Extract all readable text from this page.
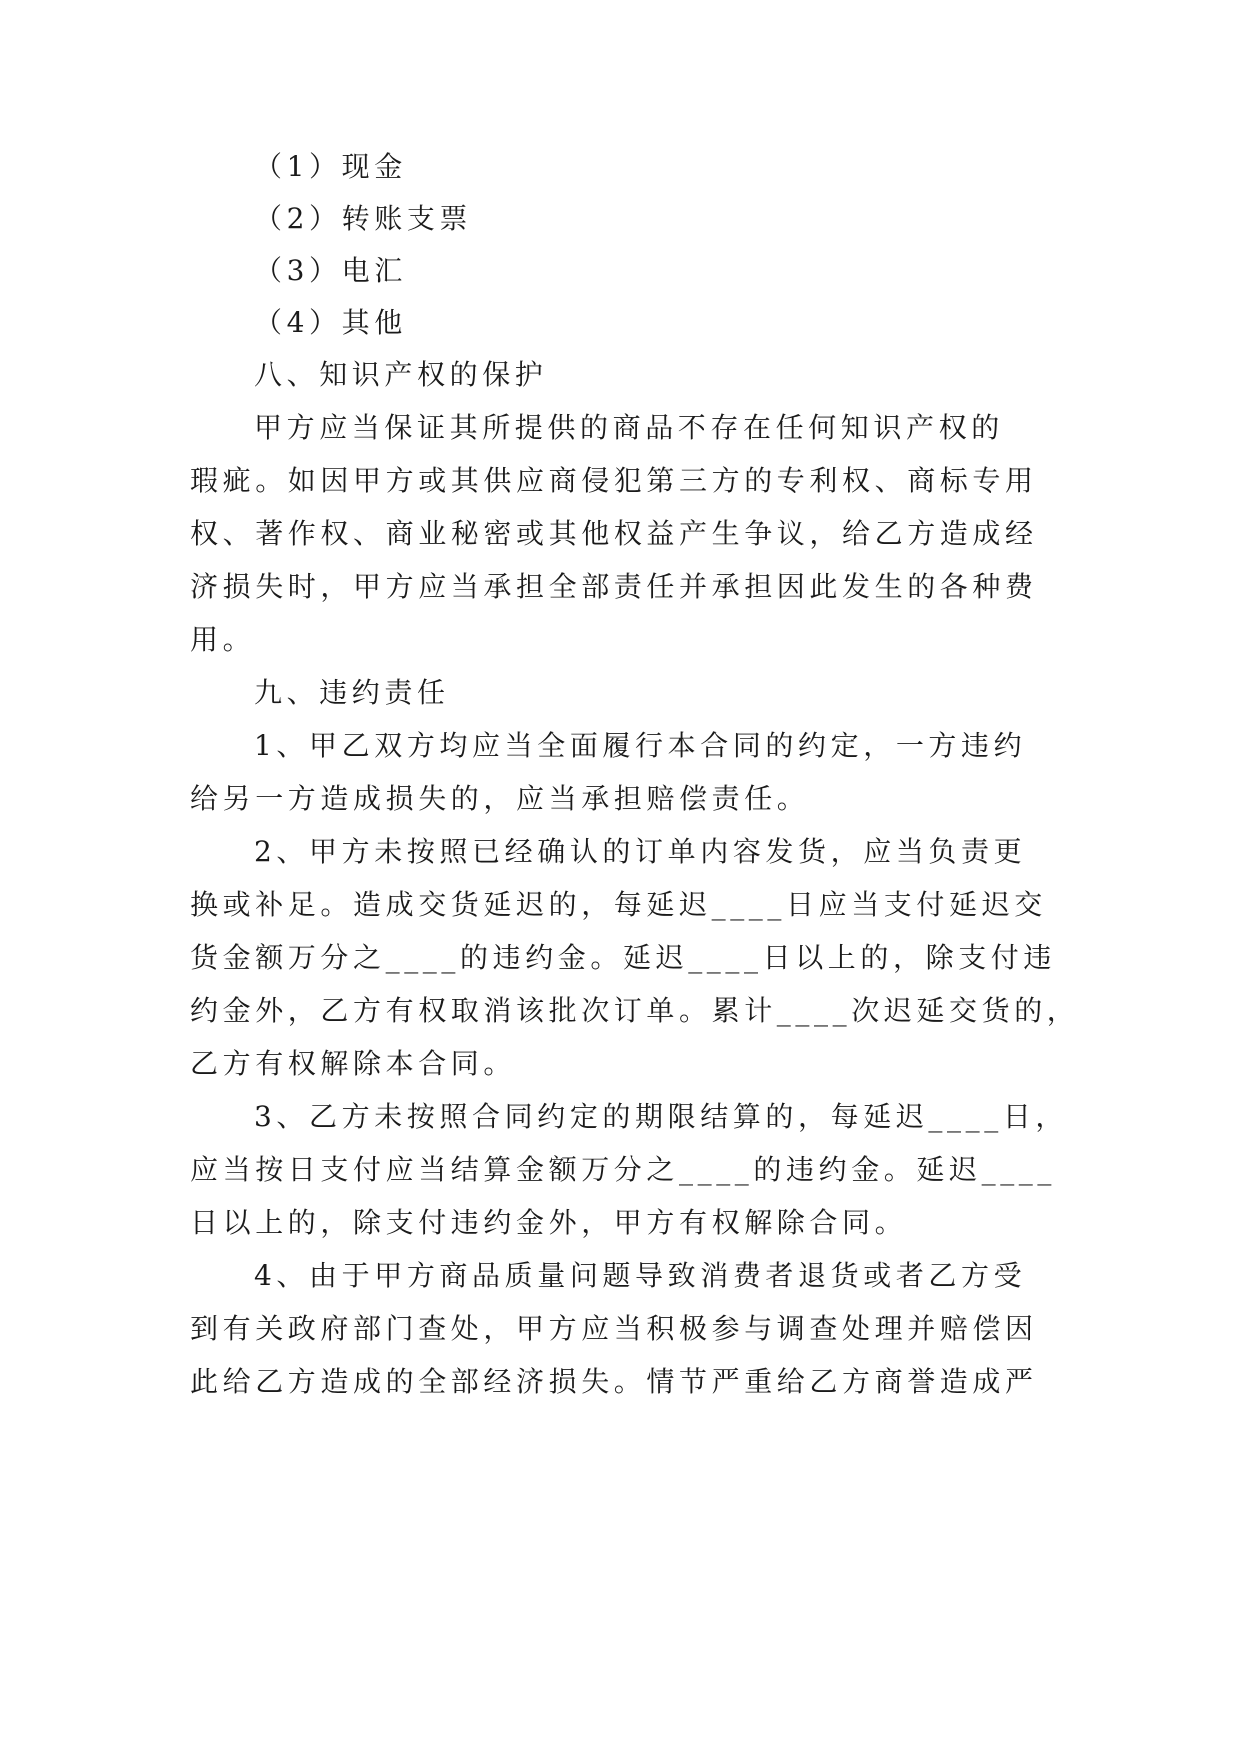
（1）现金
（2）转账支票
（3）电汇
（4）其他
八、知识产权的保护
甲方应当保证其所提供的商品不存在任何知识产权的
瑕疵。如因甲方或其供应商侵犯第三方的专利权、商标专用
权、著作权、商业秘密或其他权益产生争议，给乙方造成经
济损失时，甲方应当承担全部责任并承担因此发生的各种费
用。
九、违约责任
1、甲乙双方均应当全面履行本合同的约定，一方违约
给另一方造成损失的，应当承担赔偿责任。
2、甲方未按照已经确认的订单内容发货，应当负责更
换或补足。造成交货延迟的，每延迟____日应当支付延迟交
货金额万分之____的违约金。延迟____日以上的，除支付违
约金外，乙方有权取消该批次订单。累计____次迟延交货的，
乙方有权解除本合同。
3、乙方未按照合同约定的期限结算的，每延迟____日，
应当按日支付应当结算金额万分之____的违约金。延迟____
日以上的，除支付违约金外，甲方有权解除合同。
4、由于甲方商品质量问题导致消费者退货或者乙方受
到有关政府部门查处，甲方应当积极参与调查处理并赔偿因
此给乙方造成的全部经济损失。情节严重给乙方商誉造成严
